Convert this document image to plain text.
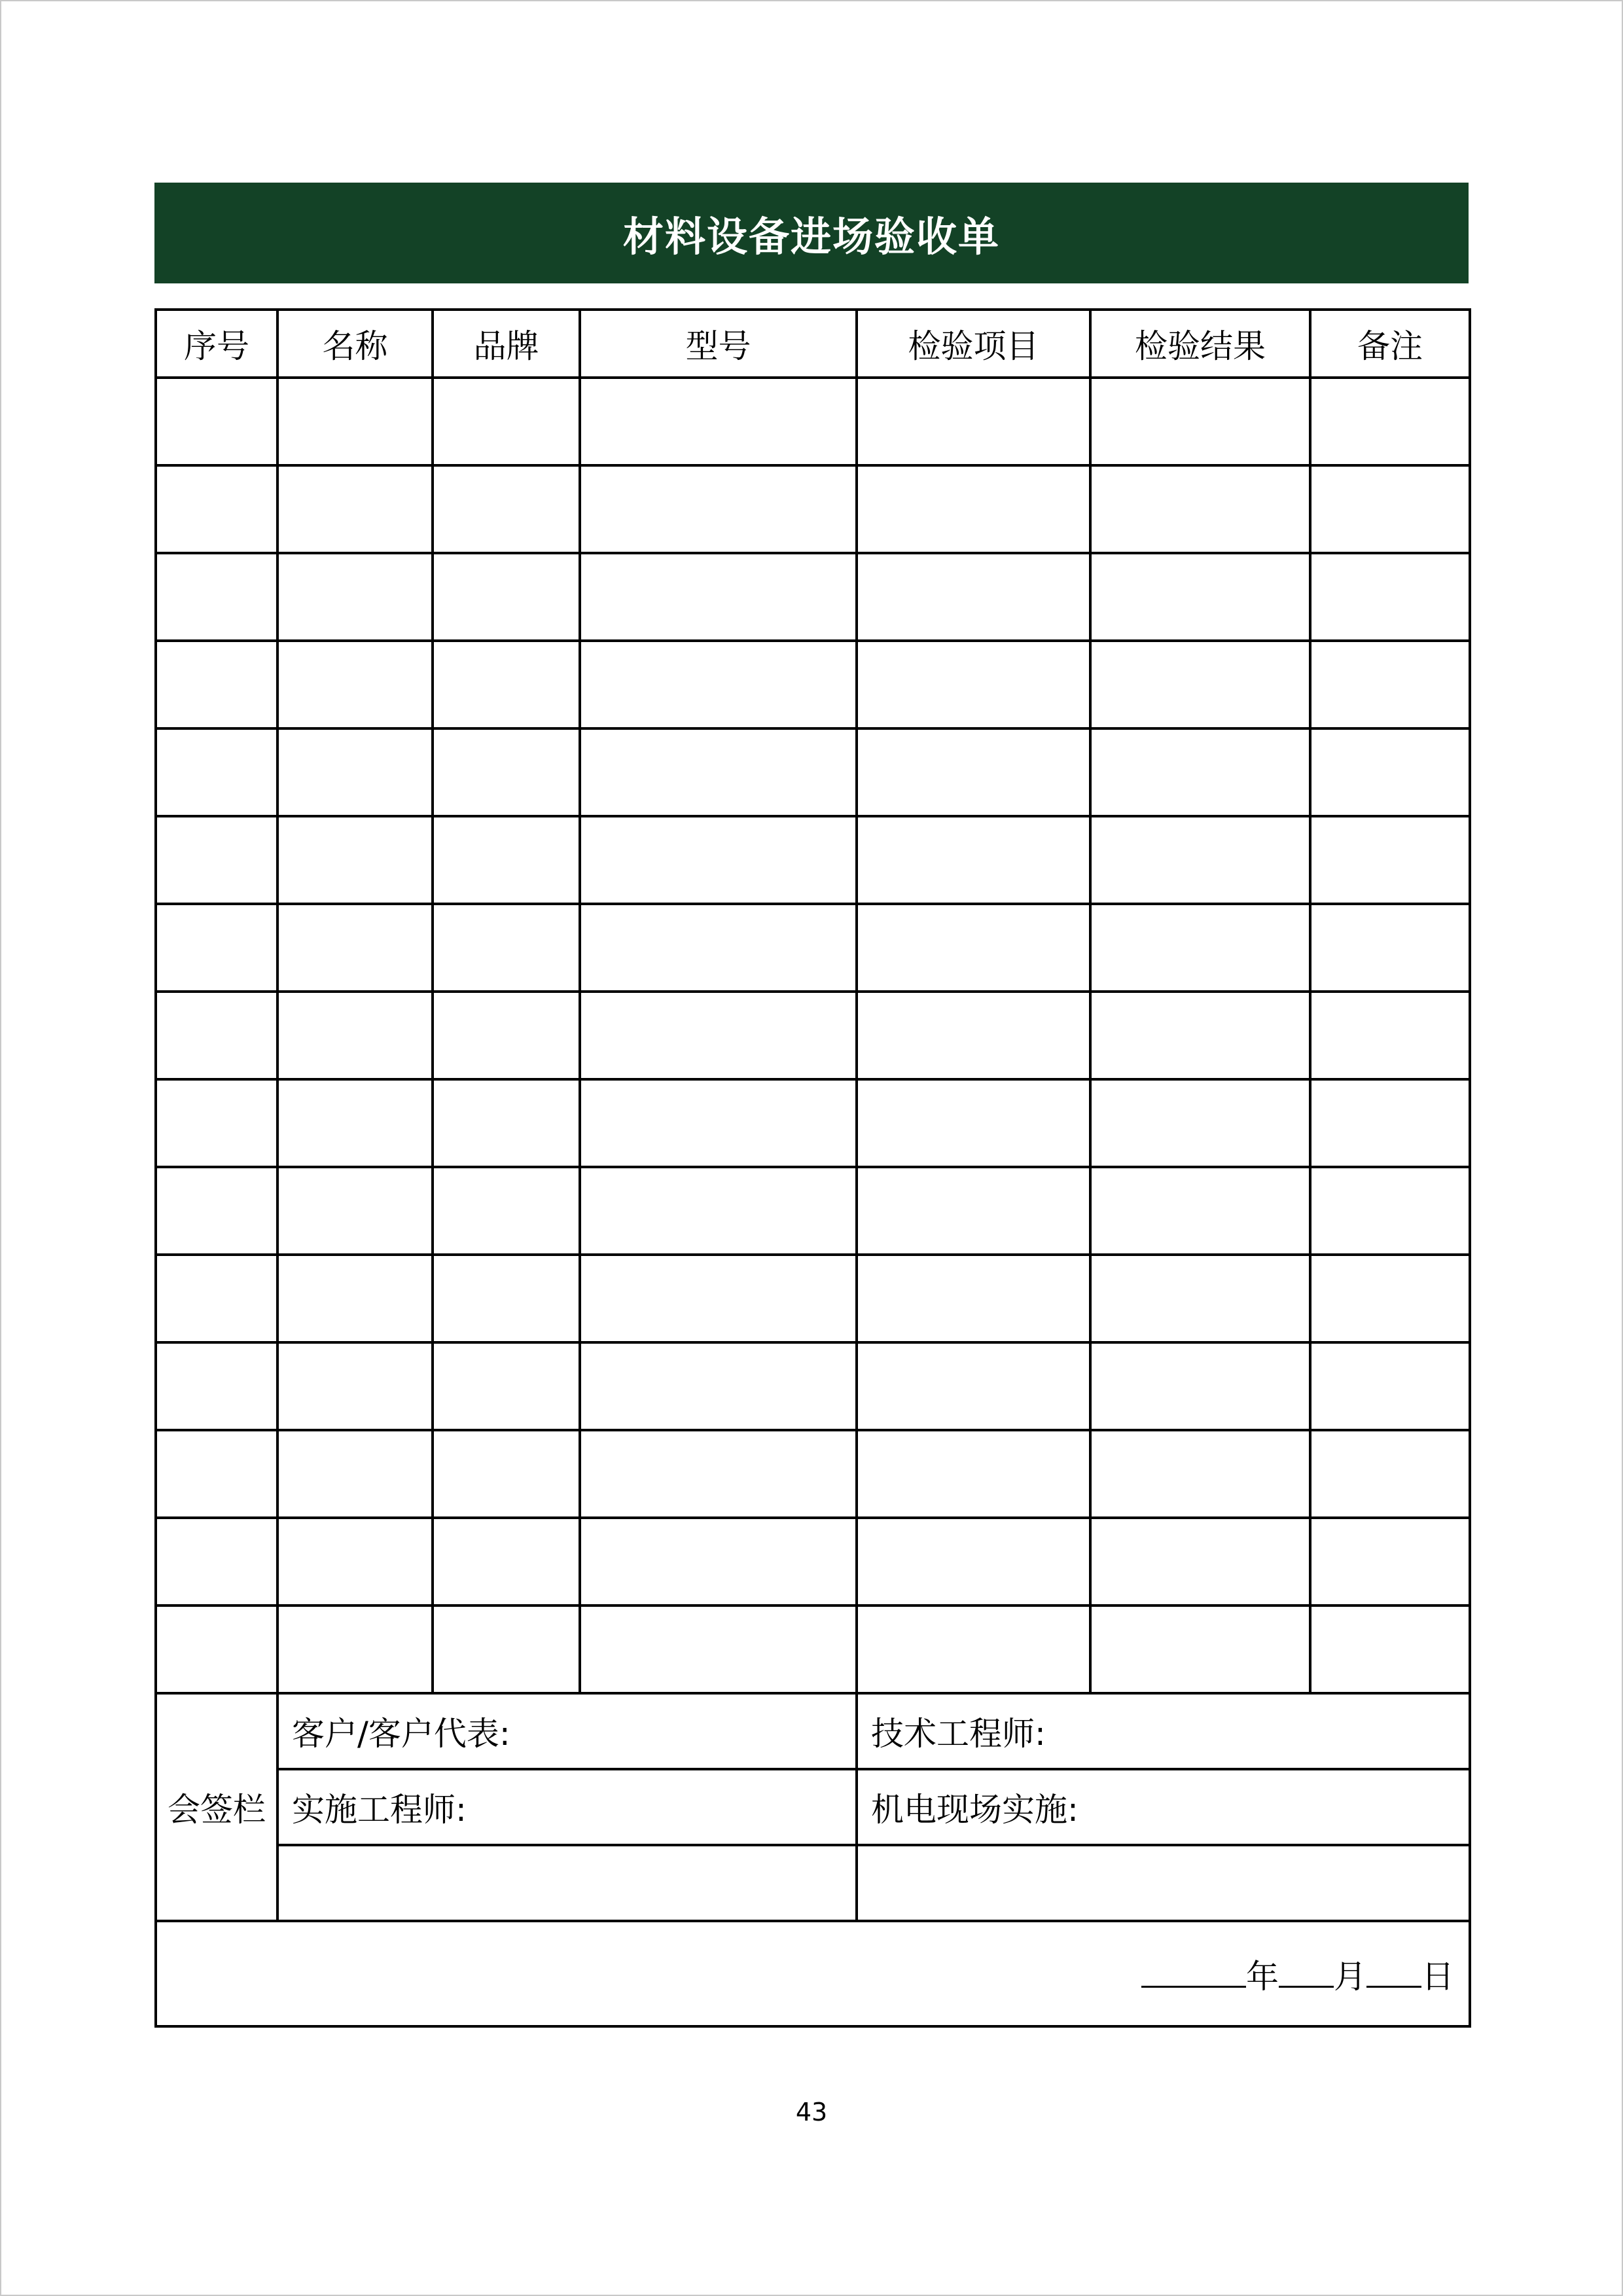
材料设备进场验收单
序号	名称	品牌	型号	检验项目	检验结果	备注

会签栏	客户/客户代表:			技术工程师:		
	实施工程师:			机电现场实施:		

年 月 日						
43
